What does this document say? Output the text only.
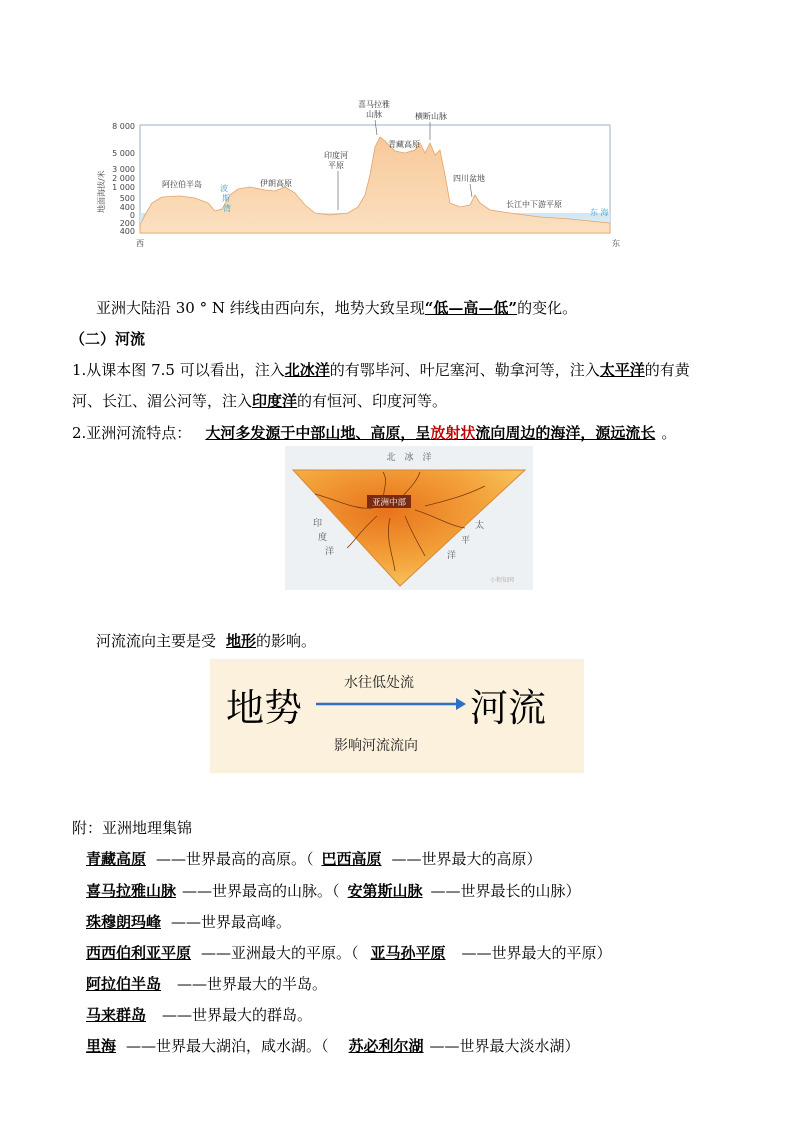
8 000
5 000
3 000
2 000
1 000
500
400
0
200
400
地面海拔/米
喜马拉雅
山脉	横断山脉
青藏高原
印度河
平原
阿拉伯半岛	伊朗高原
波
斯
湾
四川盆地
长江中下游平原
东 海
西	东
亚洲大陆沿 30 ° N 纬线由西向东，地势大致呈现“低—高—低”的变化。
（二）河流
1.从课本图 7.5 可以看出，注入北冰洋的有鄂毕河、叶尼塞河、勒拿河等，注入太平洋的有黄
河、长江、湄公河等，注入印度洋的有恒河、印度河等。
2.亚洲河流特点： 大河多发源于中部山地、高原，呈放射状流向周边的海洋，源远流长 。
亚洲中部
北　冰　洋
印
度
洋
太
平
洋
小程知网
河流流向主要是受 地形的影响。
地势	河流
水往低处流
影响河流流向
附：亚洲地理集锦
青藏高原 ——世界最高的高原。（ 巴西高原 ——世界最大的高原）
喜马拉雅山脉 ——世界最高的山脉。（ 安第斯山脉 ——世界最长的山脉）
珠穆朗玛峰 ——世界最高峰。
西西伯利亚平原 ——亚洲最大的平原。（ 亚马孙平原 ——世界最大的平原）
阿拉伯半岛 ——世界最大的半岛。
马来群岛 ——世界最大的群岛。
里海 ——世界最大湖泊，咸水湖。（ 苏必利尔湖 ——世界最大淡水湖）
